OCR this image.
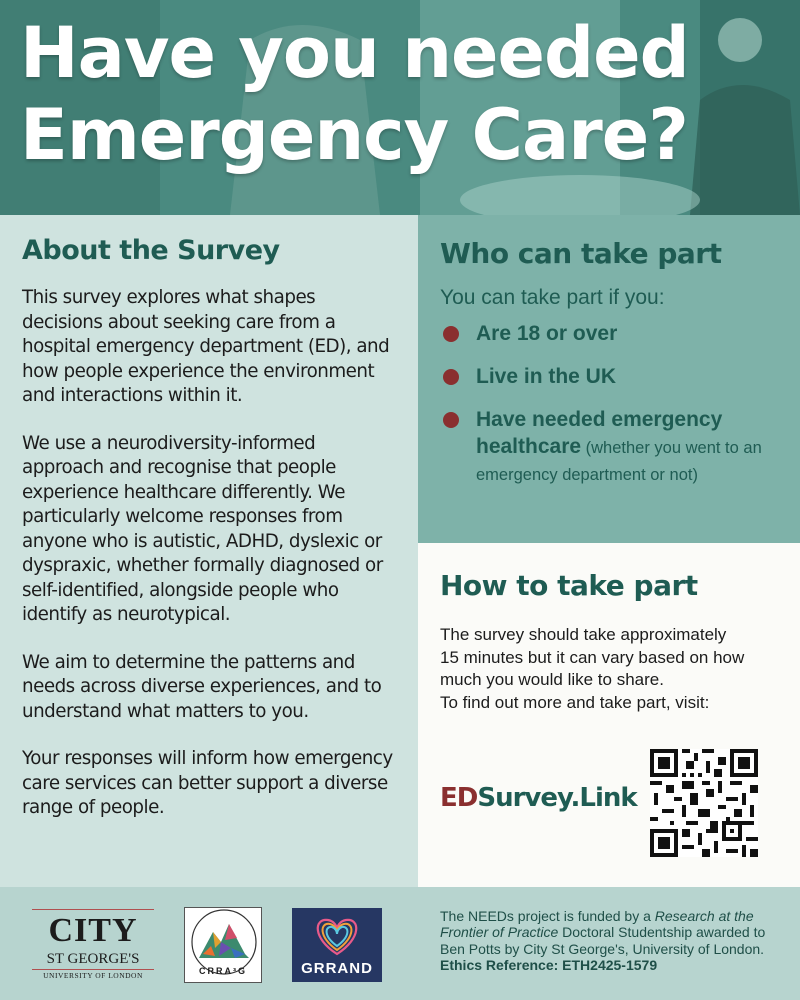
Have you needed
Emergency Care?
About the Survey

This survey explores what shapes decisions about seeking care from a hospital emergency department (ED), and how people experience the environment and interactions within it.

We use a neurodiversity-informed approach and recognise that people experience healthcare differently. We particularly welcome responses from anyone who is autistic, ADHD, dyslexic or dyspraxic, whether formally diagnosed or self-identified, alongside people who identify as neurotypical.

We aim to determine the patterns and needs across diverse experiences, and to understand what matters to you.

Your responses will inform how emergency care services can better support a diverse range of people.

Who can take part
You can take part if you:
Are 18 or over
Live in the UK
Have needed emergency healthcare (whether you went to an emergency department or not)
How to take part

The survey should take approximately
15 minutes but it can vary based on how
much you would like to share.
To find out more and take part, visit:

EDSurvey.Link
CITY
ST GEORGE'S
UNIVERSITY OF LONDON	CRRA³G	GRRAND
The NEEDs project is funded by a Research at the Frontier of Practice Doctoral Studentship awarded to Ben Potts by City St George's, University of London.
Ethics Reference: ETH2425-1579
